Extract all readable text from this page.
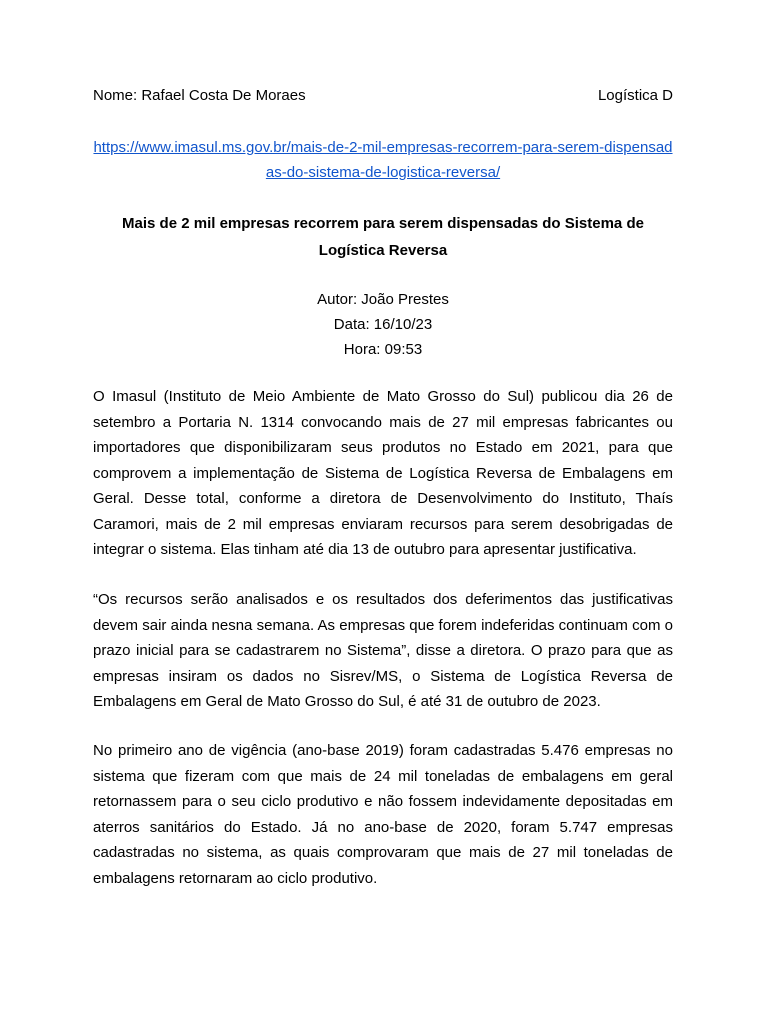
Nome: Rafael Costa De Moraes	Logística D
https://www.imasul.ms.gov.br/mais-de-2-mil-empresas-recorrem-para-serem-dispensadas-do-sistema-de-logistica-reversa/
Mais de 2 mil empresas recorrem para serem dispensadas do Sistema de Logística Reversa
Autor: João Prestes
Data: 16/10/23
Hora: 09:53

O Imasul (Instituto de Meio Ambiente de Mato Grosso do Sul) publicou dia 26 de setembro a Portaria N. 1314 convocando mais de 27 mil empresas fabricantes ou importadores que disponibilizaram seus produtos no Estado em 2021, para que comprovem a implementação de Sistema de Logística Reversa de Embalagens em Geral. Desse total, conforme a diretora de Desenvolvimento do Instituto, Thaís Caramori, mais de 2 mil empresas enviaram recursos para serem desobrigadas de integrar o sistema. Elas tinham até dia 13 de outubro para apresentar justificativa.

“Os recursos serão analisados e os resultados dos deferimentos das justificativas devem sair ainda nesna semana. As empresas que forem indeferidas continuam com o prazo inicial para se cadastrarem no Sistema”, disse a diretora. O prazo para que as empresas insiram os dados no Sisrev/MS, o Sistema de Logística Reversa de Embalagens em Geral de Mato Grosso do Sul, é até 31 de outubro de 2023.

No primeiro ano de vigência (ano-base 2019) foram cadastradas 5.476 empresas no sistema que fizeram com que mais de 24 mil toneladas de embalagens em geral retornassem para o seu ciclo produtivo e não fossem indevidamente depositadas em aterros sanitários do Estado. Já no ano-base de 2020, foram 5.747 empresas cadastradas no sistema, as quais comprovaram que mais de 27 mil toneladas de embalagens retornaram ao ciclo produtivo.
